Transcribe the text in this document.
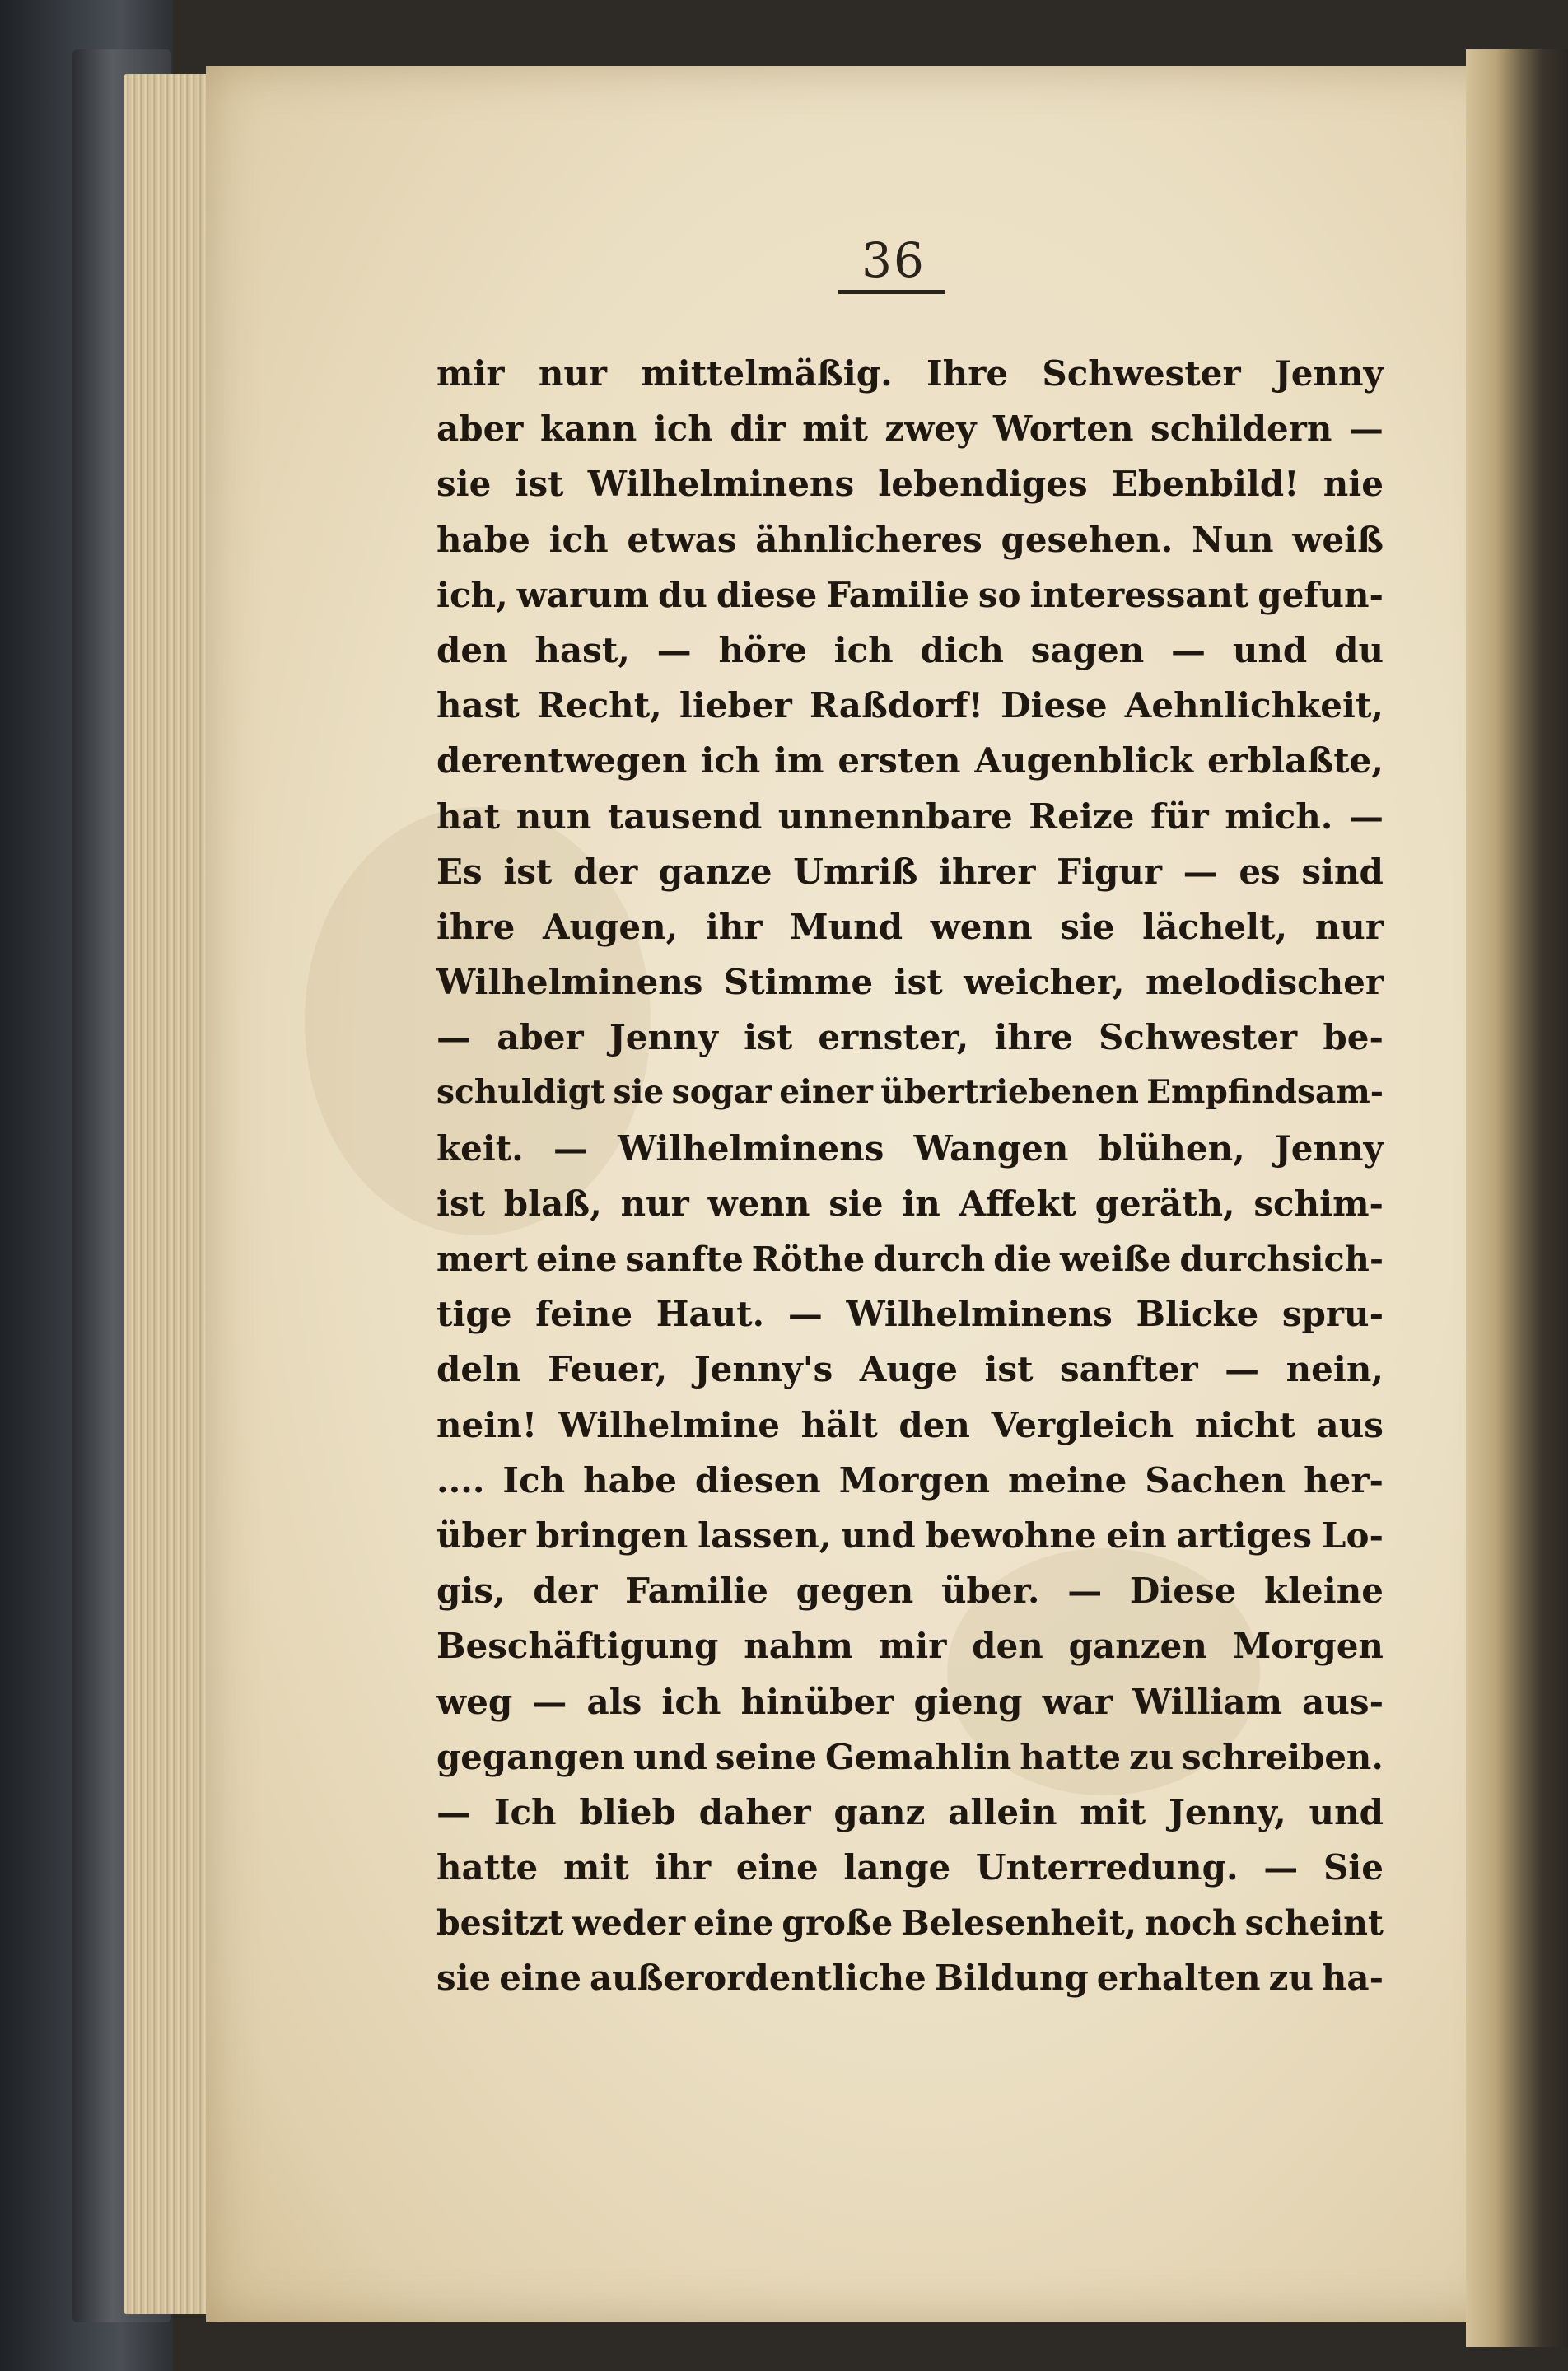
36
mir nur mittelmäßig. Ihre Schwester Jenny
aber kann ich dir mit zwey Worten schildern —
sie ist Wilhelminens lebendiges Ebenbild! nie
habe ich etwas ähnlicheres gesehen. Nun weiß
ich, warum du diese Familie so interessant gefun-
den hast, — höre ich dich sagen — und du
hast Recht, lieber Raßdorf! Diese Aehnlichkeit,
derentwegen ich im ersten Augenblick erblaßte,
hat nun tausend unnennbare Reize für mich. —
Es ist der ganze Umriß ihrer Figur — es sind
ihre Augen, ihr Mund wenn sie lächelt, nur
Wilhelminens Stimme ist weicher, melodischer
— aber Jenny ist ernster, ihre Schwester be-
schuldigt sie sogar einer übertriebenen Empfindsam-
keit. — Wilhelminens Wangen blühen, Jenny
ist blaß, nur wenn sie in Affekt geräth, schim-
mert eine sanfte Röthe durch die weiße durchsich-
tige feine Haut. — Wilhelminens Blicke spru-
deln Feuer, Jenny's Auge ist sanfter — nein,
nein! Wilhelmine hält den Vergleich nicht aus
.... Ich habe diesen Morgen meine Sachen her-
über bringen lassen, und bewohne ein artiges Lo-
gis, der Familie gegen über. — Diese kleine
Beschäftigung nahm mir den ganzen Morgen
weg — als ich hinüber gieng war William aus-
gegangen und seine Gemahlin hatte zu schreiben.
— Ich blieb daher ganz allein mit Jenny, und
hatte mit ihr eine lange Unterredung. — Sie
besitzt weder eine große Belesenheit, noch scheint
sie eine außerordentliche Bildung erhalten zu ha-
